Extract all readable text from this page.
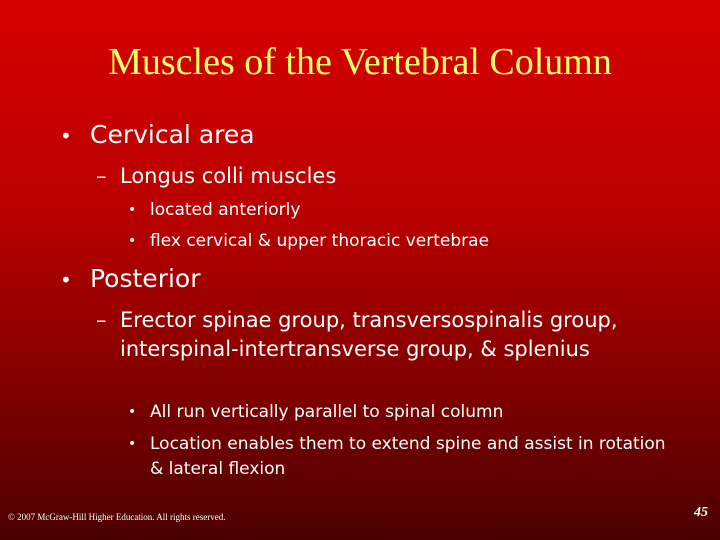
Muscles of the Vertebral Column
• Cervical area
– Longus colli muscles
• located anteriorly
• flex cervical & upper thoracic vertebrae
• Posterior
– Erector spinae group, transversospinalis group, interspinal-intertransverse group, & splenius
• All run vertically parallel to spinal column
• Location enables them to extend spine and assist in rotation & lateral flexion
© 2007 McGraw-Hill Higher Education. All rights reserved.	45
